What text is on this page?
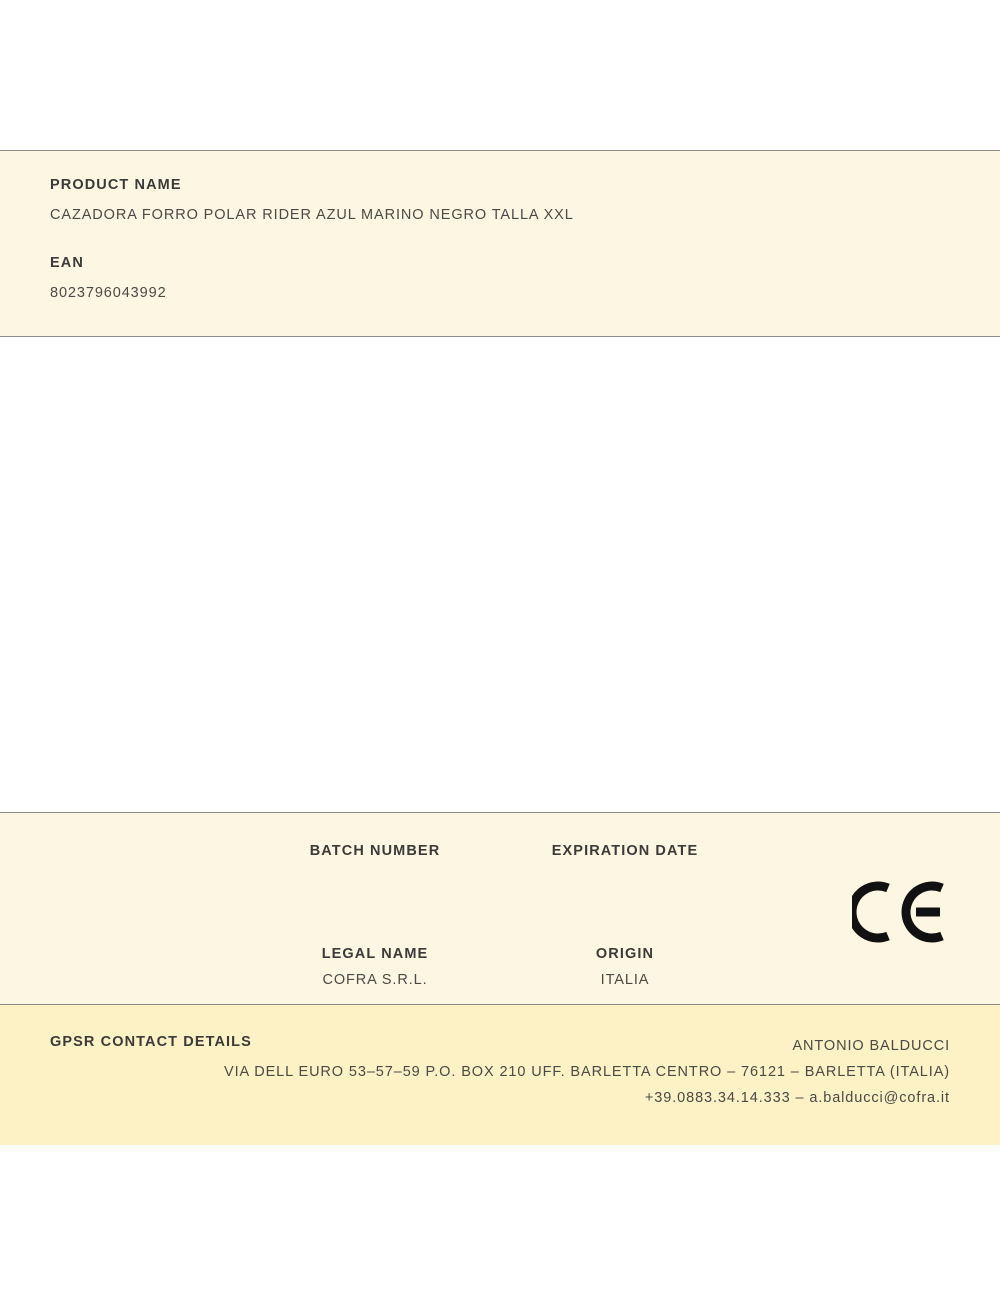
PRODUCT NAME
CAZADORA FORRO POLAR RIDER AZUL MARINO NEGRO TALLA XXL
EAN
8023796043992
BATCH NUMBER	EXPIRATION DATE
LEGAL NAME
COFRA S.R.L.
ORIGIN
ITALIA
GPSR CONTACT DETAILS	ANTONIO BALDUCCI
VIA DELL EURO 53–57–59 P.O. BOX 210 UFF. BARLETTA CENTRO – 76121 – BARLETTA (ITALIA)
+39.0883.34.14.333 – a.balducci@cofra.it
